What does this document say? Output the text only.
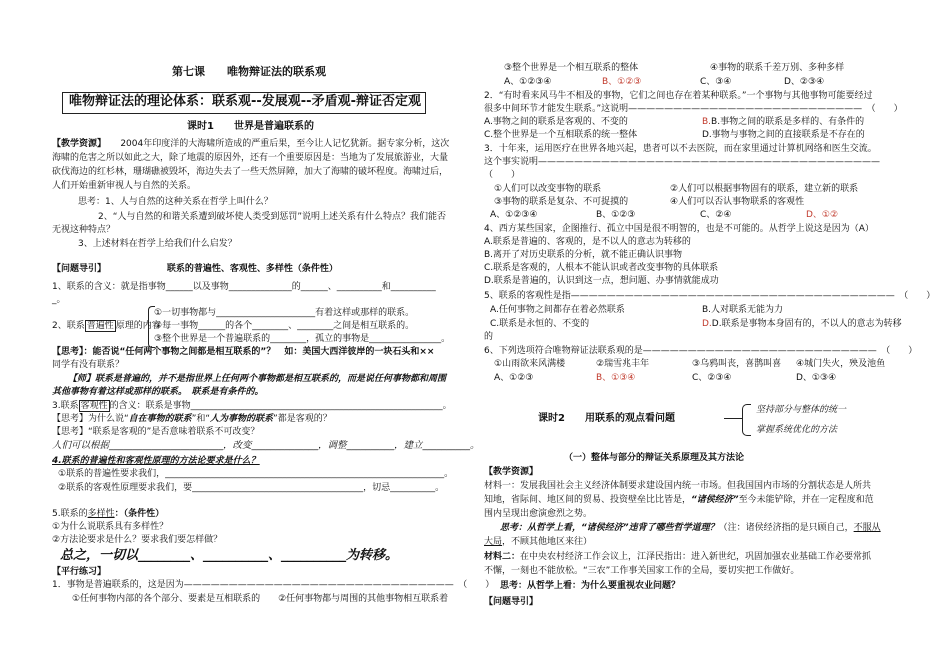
第七课　　唯物辩证法的联系观
唯物辩证法的理论体系：联系观--发展观--矛盾观-辩证否定观
课时1　　世界是普遍联系的
【教学资源】 2004年印度洋的大海啸所造成的严重后果，至今让人记忆犹新。据专家分析，这次
海啸的危害之所以如此之大，除了地震的原因外，还有一个重要原因是：当地为了发展旅游业，大量
砍伐海边的红杉林，珊瑚礁被毁坏，海边失去了一些天然屏障，加大了海啸的破坏程度。海啸过后，
人们开始重新审视人与自然的关系。
思考：1、人与自然的这种关系在哲学上叫什么？
2、“人与自然的和谐关系遭到破坏使人类受到惩罚”说明上述关系有什么特点？我们能否
无视这种特点？
3、上述材料在哲学上给我们什么启发？
【问题导引】	联系的普遍性、客观性、多样性（条件性）
1、联系的含义：就是指事物______以及事物______________的______、__________和__________
_。
①一切事物都与______________________有着这样或那样的联系。
2、联系 普遍性 原理的内容
②每一事物______的各个________、________之间是相互联系的。
③整个世界是一个普遍联系的________，孤立的事物是________________。
【思考】：能否说“任何两个事物之间都是相互联系的”？　如：美国大西洋彼岸的一块石头和××
同学有没有联系？
【师】联系是普遍的，并不是指世界上任何两个事物都是相互联系的，而是说任何事物都和周围
其他事物有着这样或那样的联系。　联系是有条件的。
3.联系 客观性 的含义：联系是事物________________________________________________________。
【思考】为什么说“自在事物的联系”和“人为事物的联系”都是客观的？
【思考】“联系是客观的”是否意味着联系不可改变？
人们可以根据________________________，改变______________，调整__________，建立__________。
4.联系的普遍性和客观性原理的方法论要求是什么？
①联系的普遍性要求我们，______________________________________________________________。
②联系的客观性原理要求我们，要______________________________________，切忌__________。
5.联系的多样性：（条件性）
①为什么说联系具有多样性？
②方法论要求是什么？要求我们要怎样做？
总之，一切以________、__________、__________为转移。
【平行练习】
1．事物是普遍联系的，这是因为——————————————————————————————　（　　）
①任何事物内部的各个部分、要素是互相联系的　　②任何事物都与周围的其他事物相互联系着
③整个世界是一个相互联系的整体	④事物的联系千差万别、多种多样
A、①②③④	B、①②③	C、③④	D、②③④
2．“有时看来风马牛不相及的事物，它们之间也存在着某种联系。”一个事物与其他事物可能要经过
很多中间环节才能发生联系。”这说明——————————————————————————　（　　）
A.事物之间的联系是客观的、不变的	B.B.事物之间的联系是多样的、有条件的
C.整个世界是一个互相联系的统一整体	D.事物与事物之间的直接联系是不存在的
3．十年来，运用医疗在世界各地兴起，患者可以不去医院，而在家里通过计算机网络和医生交流。
这个事实说明——————————————————————————————————————
（　　）
①人们可以改变事物的联系	②人们可以根据事物固有的联系，建立新的联系
③事物的联系是复杂、不可捉摸的	④人们可以否认事物联系的客观性
A、①②③④	B、①②③	C、②④	D、①②
4、西方某些国家，企图推行、孤立中国是很不明智的，也是不可能的。从哲学上说这是因为（A）
A.联系是普遍的、客观的，是不以人的意志为转移的
B.离开了对历史联系的分析，就不能正确认识事物
C.联系是客观的，人根本不能认识或者改变事物的具体联系
D.联系是普遍的，认识到这一点，想问题、办事情就能成功
5、联系的客观性是指————————————————————————————————————　（　　）
A.任何事物之间都存在着必然联系	B.人对联系无能为力
C.联系是永恒的、不变的	D.D.联系是事物本身固有的，不以人的意志为转移
的
6、下列选项符合唯物辩证法联系观的是——————————————————————————　（　　）
①山雨欲来风满楼	②瑞雪兆丰年	③乌鸦叫丧，喜鹊叫喜 ④城门失火，殃及池鱼
A、①②③	B、①③④	C、②③④	D、①③④
课时2　　用联系的观点看问题
坚持部分与整体的统一
掌握系统优化的方法
（一）整体与部分的辩证关系原理及其方法论
【教学资源】
材料一：发展我国社会主义经济体制要求建设国内统一市场。但我国国内市场的分割状态是人所共
知地，省际间、地区间的贸易、投资壁垒比比皆是，“诸侯经济”至今未能铲除，并在一定程度和范
围内呈现出愈演愈烈之势。
思考：从哲学上看，“诸侯经济”违背了哪些哲学道理？（注：诸侯经济指的是只顾自己，不服从
大局，不顾其他地区来往）
材料二：在中央农村经济工作会议上，江泽民指出：进入新世纪，巩固加强农业基础工作必要常抓
不懈，一刻也不能放松。“三农”工作事关国家工作的全局，要切实把工作做好。
思考：从哲学上看：为什么要重视农业问题？
【问题导引】
